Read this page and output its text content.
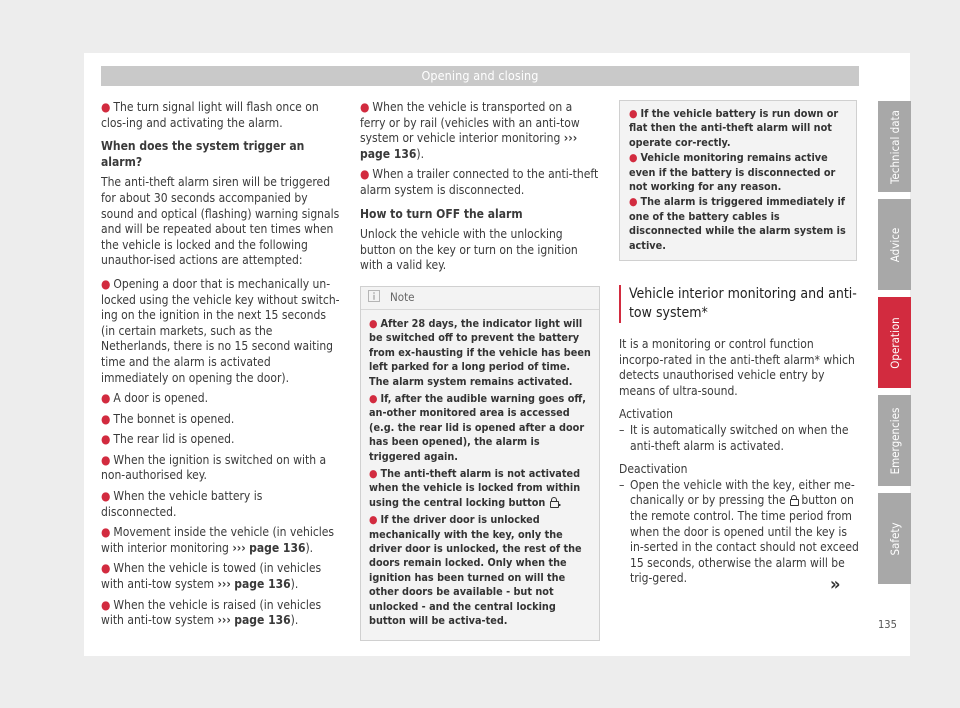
Opening and closing

● The turn signal light will flash once on clos-ing and activating the alarm.

When does the system trigger an alarm?

The anti-theft alarm siren will be triggered for about 30 seconds accompanied by sound and optical (flashing) warning signals and will be repeated about ten times when the vehicle is locked and the following unauthor-ised actions are attempted:

● Opening a door that is mechanically un-locked using the vehicle key without switch-ing on the ignition in the next 15 seconds (in certain markets, such as the Netherlands, there is no 15 second waiting time and the alarm is activated immediately on opening the door).

● A door is opened.

● The bonnet is opened.

● The rear lid is opened.

● When the ignition is switched on with a non-authorised key.

● When the vehicle battery is disconnected.

● Movement inside the vehicle (in vehicles with interior monitoring ››› page 136).

● When the vehicle is towed (in vehicles with anti-tow system ››› page 136).

● When the vehicle is raised (in vehicles with anti-tow system ››› page 136).

● When the vehicle is transported on a ferry or by rail (vehicles with an anti-tow system or vehicle interior monitoring ››› page 136).

● When a trailer connected to the anti-theft alarm system is disconnected.

How to turn OFF the alarm

Unlock the vehicle with the unlocking button on the key or turn on the ignition with a valid key.

Note

● After 28 days, the indicator light will be switched off to prevent the battery from ex-hausting if the vehicle has been left parked for a long period of time. The alarm system remains activated.

● If, after the audible warning goes off, an-other monitored area is accessed (e.g. the rear lid is opened after a door has been opened), the alarm is triggered again.

● The anti-theft alarm is not activated when the vehicle is locked from within using the central locking button .

● If the driver door is unlocked mechanically with the key, only the driver door is unlocked, the rest of the doors remain locked. Only when the ignition has been turned on will the other doors be available - but not unlocked - and the central locking button will be activa-ted.

● If the vehicle battery is run down or flat then the anti-theft alarm will not operate cor-rectly.

● Vehicle monitoring remains active even if the battery is disconnected or not working for any reason.

● The alarm is triggered immediately if one of the battery cables is disconnected while the alarm system is active.

Vehicle interior monitoring and anti-tow system*

It is a monitoring or control function incorpo-rated in the anti-theft alarm* which detects unauthorised vehicle entry by means of ultra-sound.

Activation
– It is automatically switched on when the anti-theft alarm is activated.
Deactivation
– Open the vehicle with the key, either me-chanically or by pressing the  button on the remote control. The time period from when the door is opened until the key is in-serted in the contact should not exceed 15 seconds, otherwise the alarm will be trig-gered.	»
Technical data
Advice
Operation
Emergencies
Safety
135
